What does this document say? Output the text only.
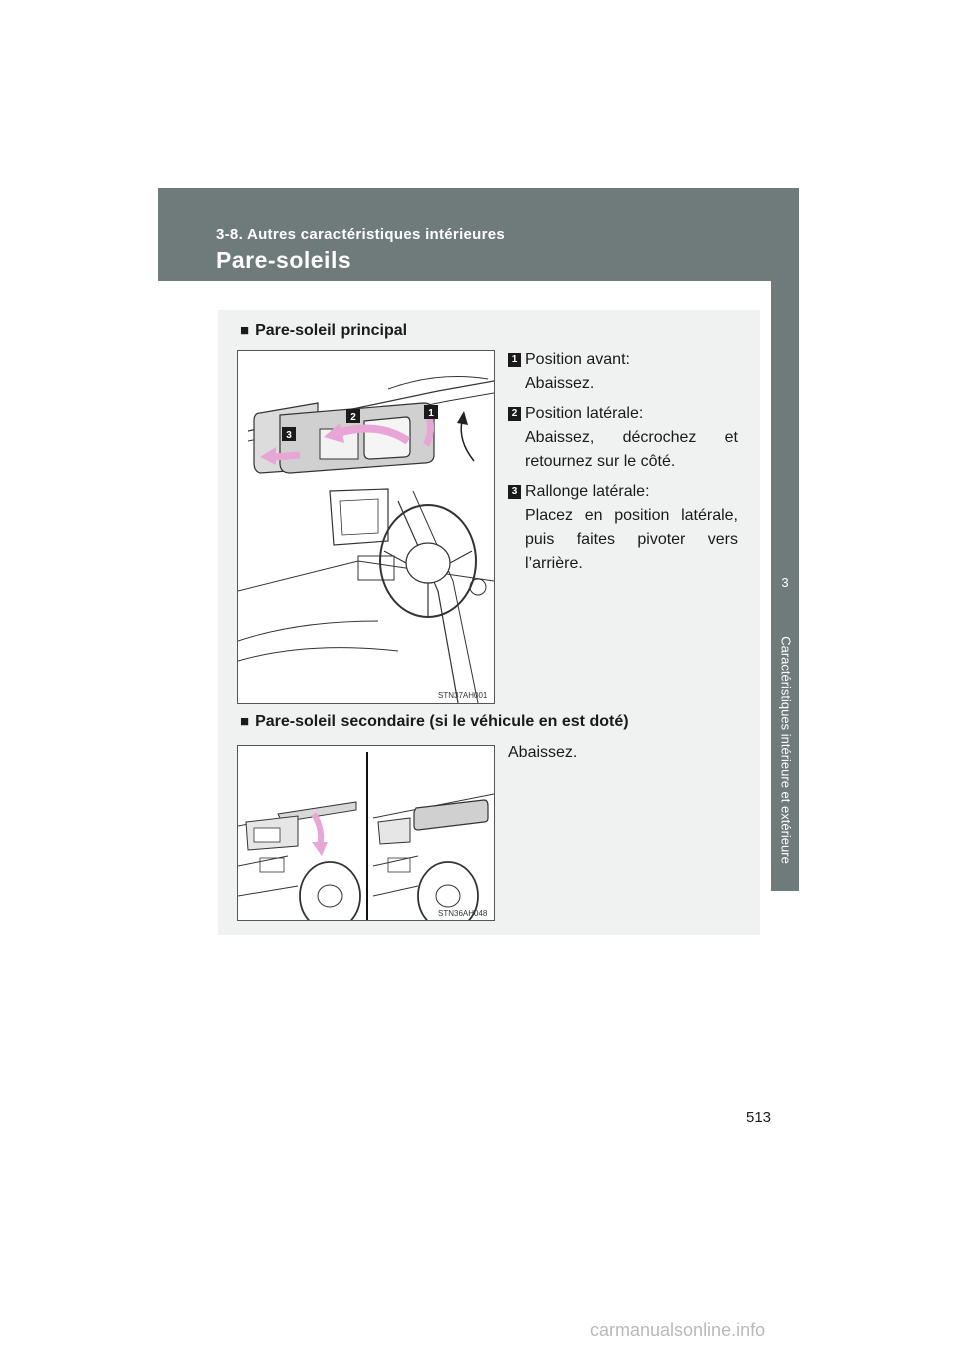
3-8. Autres caractéristiques intérieures
Pare-soleils
3
Caractéristiques intérieure et extérieure
■ Pare-soleil principal
1
2
3
STN37AH001
1 Position avant:
Abaissez.
2 Position latérale:
Abaissez, décrochez et retournez sur le côté.
3 Rallonge latérale:
Placez en position latérale, puis faites pivoter vers l’arrière.
■ Pare-soleil secondaire (si le véhicule en est doté)
STN36AH048
Abaissez.
513
carmanualsonline.info
